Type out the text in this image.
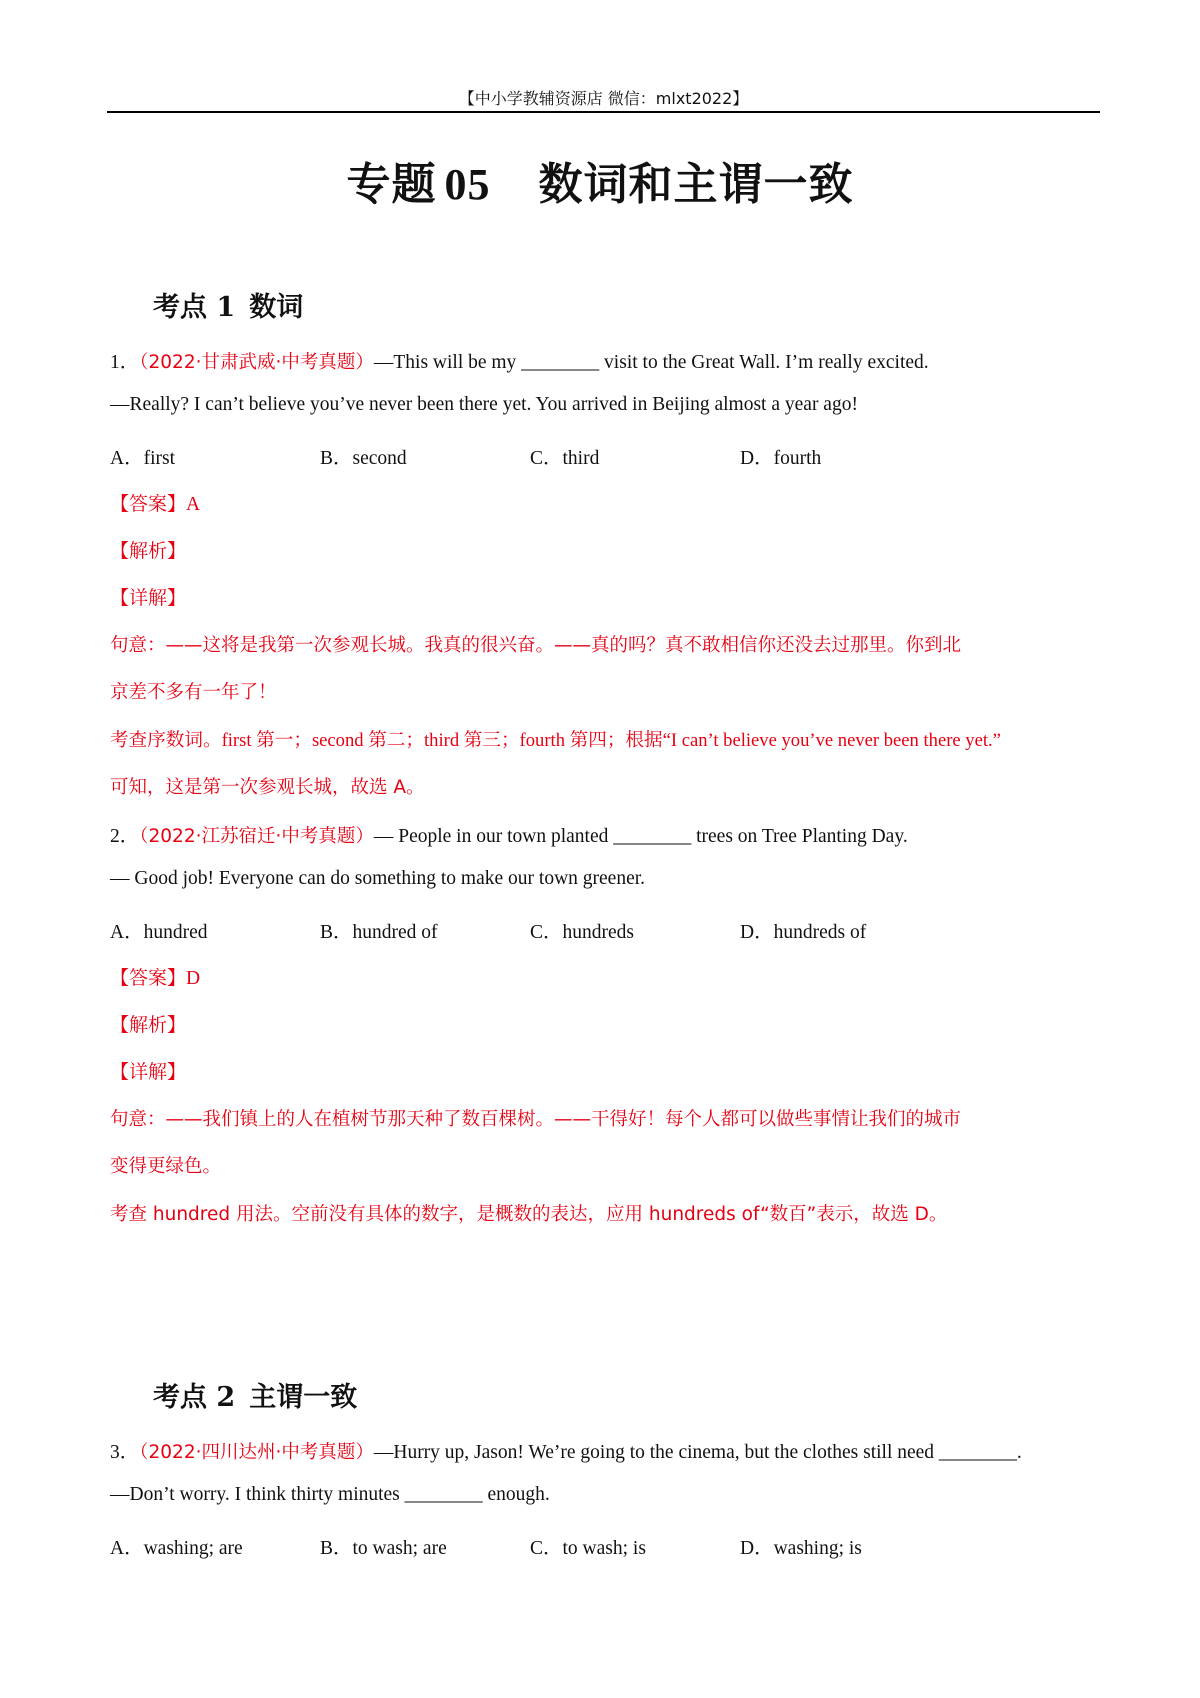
【中小学教辅资源店 微信：mlxt2022】
专题 05 数词和主谓一致
考点 1 数词
1．（2022·甘肃武威·中考真题）—This will be my ________ visit to the Great Wall. I’m really excited.
—Really? I can’t believe you’ve never been there yet. You arrived in Beijing almost a year ago!
A．first	B．second	C．third	D．fourth
【答案】A
【解析】
【详解】
句意：——这将是我第一次参观长城。我真的很兴奋。——真的吗？真不敢相信你还没去过那里。你到北
京差不多有一年了！
考查序数词。first 第一；second 第二；third 第三；fourth 第四；根据“I can’t believe you’ve never been there yet.”
可知，这是第一次参观长城，故选 A。
2．（2022·江苏宿迁·中考真题）— People in our town planted ________ trees on Tree Planting Day.
— Good job! Everyone can do something to make our town greener.
A．hundred	B．hundred of	C．hundreds	D．hundreds of
【答案】D
【解析】
【详解】
句意：——我们镇上的人在植树节那天种了数百棵树。——干得好！每个人都可以做些事情让我们的城市
变得更绿色。
考查 hundred 用法。空前没有具体的数字，是概数的表达，应用 hundreds of“数百”表示，故选 D。
考点 2 主谓一致
3．（2022·四川达州·中考真题）—Hurry up, Jason! We’re going to the cinema, but the clothes still need ________.
—Don’t worry. I think thirty minutes ________ enough.
A．washing; are	B．to wash; are	C．to wash; is	D．washing; is
